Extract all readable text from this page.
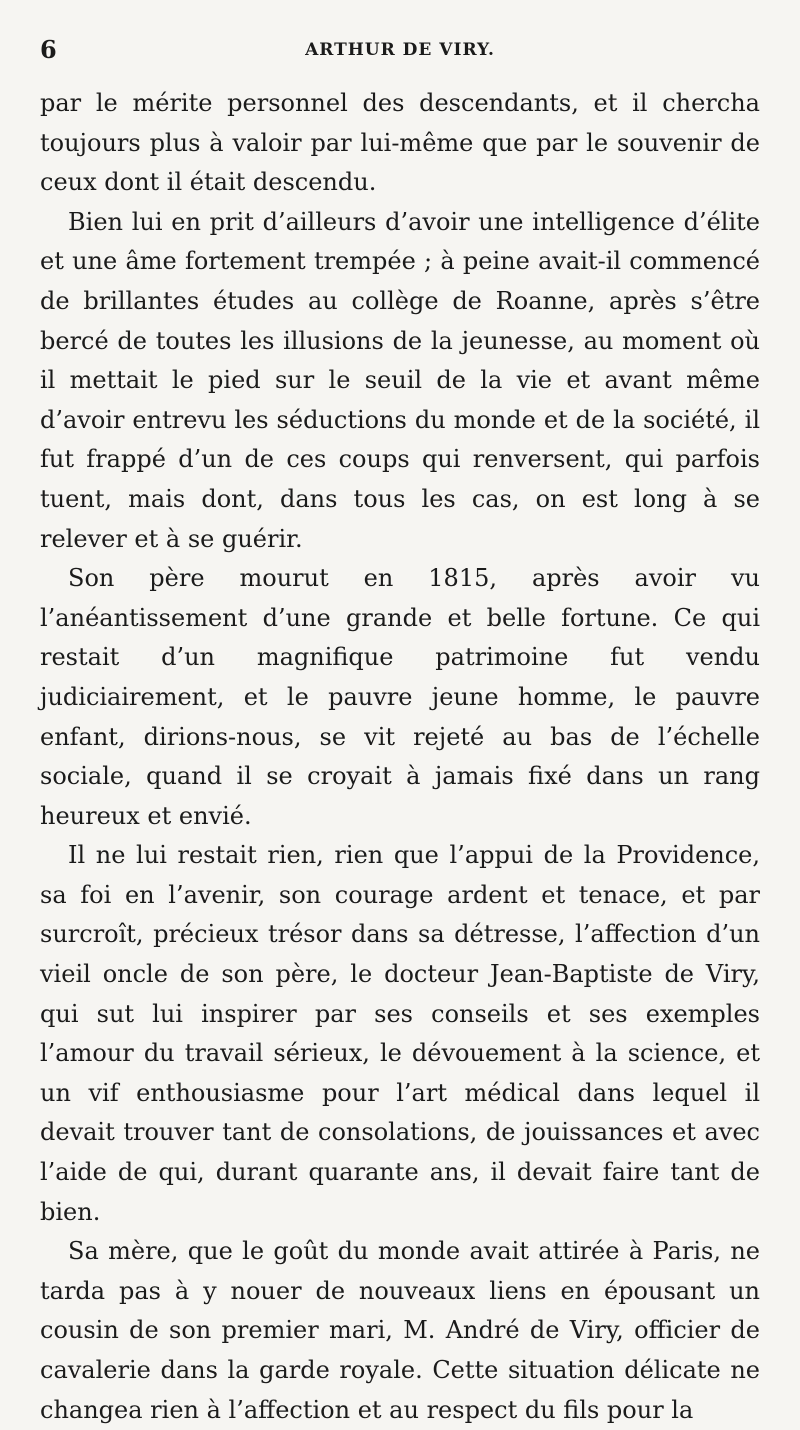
6	ARTHUR DE VIRY.

par le mérite personnel des descendants, et il chercha toujours plus à valoir par lui-même que par le souvenir de ceux dont il était descendu.

Bien lui en prit d’ailleurs d’avoir une intelligence d’élite et une âme fortement trempée ; à peine avait-il commencé de brillantes études au collège de Roanne, après s’être bercé de toutes les illusions de la jeunesse, au moment où il mettait le pied sur le seuil de la vie et avant même d’avoir entrevu les séductions du monde et de la société, il fut frappé d’un de ces coups qui renversent, qui parfois tuent, mais dont, dans tous les cas, on est long à se relever et à se guérir.

Son père mourut en 1815, après avoir vu l’anéantissement d’une grande et belle fortune. Ce qui restait d’un magnifique patrimoine fut vendu judiciairement, et le pauvre jeune homme, le pauvre enfant, dirions-nous, se vit rejeté au bas de l’échelle sociale, quand il se croyait à jamais fixé dans un rang heureux et envié.

Il ne lui restait rien, rien que l’appui de la Providence, sa foi en l’avenir, son courage ardent et tenace, et par surcroît, précieux trésor dans sa détresse, l’affection d’un vieil oncle de son père, le docteur Jean-Baptiste de Viry, qui sut lui inspirer par ses conseils et ses exemples l’amour du travail sérieux, le dévouement à la science, et un vif enthousiasme pour l’art médical dans lequel il devait trouver tant de consolations, de jouissances et avec l’aide de qui, durant quarante ans, il devait faire tant de bien.

Sa mère, que le goût du monde avait attirée à Paris, ne tarda pas à y nouer de nouveaux liens en épousant un cousin de son premier mari, M. André de Viry, officier de cavalerie dans la garde royale. Cette situation délicate ne changea rien à l’affection et au respect du fils pour la
